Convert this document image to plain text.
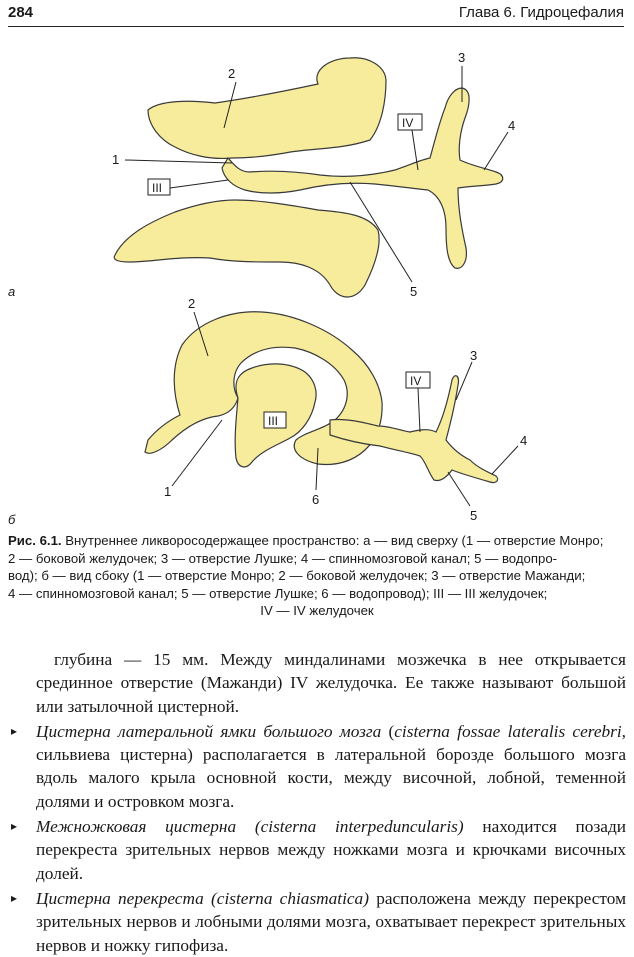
284	Глава 6. Гидроцефалия
2
1
III
IV
3
4
5
а
2
III
IV
3
4
5
6
1
б
Рис. 6.1. Внутреннее ликворосодержащее пространство: а — вид сверху (1 — отверстие Монро;
2 — боковой желудочек; 3 — отверстие Лушке; 4 — спинномозговой канал; 5 — водопро-
вод); б — вид сбоку (1 — отверстие Монро; 2 — боковой желудочек; 3 — отверстие Мажанди;
4 — спинномозговой канал; 5 — отверстие Лушке; 6 — водопровод); III — III желудочек;
IV — IV желудочек

глубина — 15 мм. Между миндалинами мозжечка в нее открывается срединное отверстие (Мажанди) IV желудочка. Ее также называют большой или затылочной цистерной.

▸ Цистерна латеральной ямки большого мозга (cisterna fossae lateralis cerebri, сильвиева цистерна) располагается в латеральной борозде большого мозга вдоль малого крыла основной кости, между височной, лобной, теменной долями и островком мозга.

▸ Межножковая цистерна (cisterna interpeduncularis) находится позади перекреста зрительных нервов между ножками мозга и крючками височных долей.

▸ Цистерна перекреста (cisterna chiasmatica) расположена между перекрестом зрительных нервов и лобными долями мозга, охватывает перекрест зрительных нервов и ножку гипофиза.
